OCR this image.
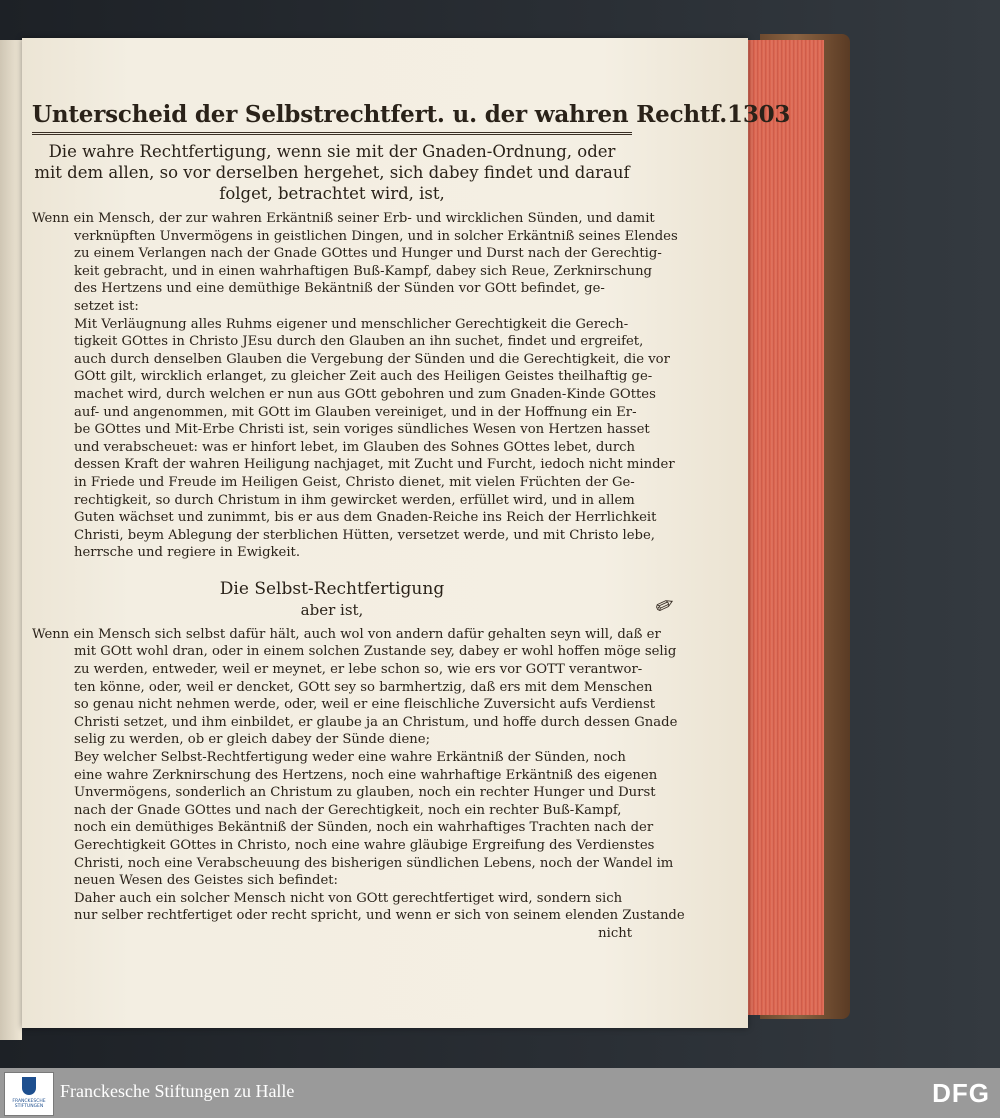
Unterscheid der Selbstrechtfert. u. der wahren Rechtf. 1303
Die wahre Rechtfertigung, wenn sie mit der Gnaden-Ordnung, oder
mit dem allen, so vor derselben hergehet, sich dabey findet und darauf
folget, betrachtet wird, ist,
Wenn ein Mensch, der zur wahren Erkäntniß seiner Erb- und wircklichen Sünden, und damit
verknüpften Unvermögens in geistlichen Dingen, und in solcher Erkäntniß seines Elendes
zu einem Verlangen nach der Gnade GOttes und Hunger und Durst nach der Gerechtig-
keit gebracht, und in einen wahrhaftigen Buß-Kampf, dabey sich Reue, Zerknirschung
des Hertzens und eine demüthige Bekäntniß der Sünden vor GOtt befindet, ge-
setzet ist:
Mit Verläugnung alles Ruhms eigener und menschlicher Gerechtigkeit die Gerech-
tigkeit GOttes in Christo JEsu durch den Glauben an ihn suchet, findet und ergreifet,
auch durch denselben Glauben die Vergebung der Sünden und die Gerechtigkeit, die vor
GOtt gilt, wircklich erlanget, zu gleicher Zeit auch des Heiligen Geistes theilhaftig ge-
machet wird, durch welchen er nun aus GOtt gebohren und zum Gnaden-Kinde GOttes
auf- und angenommen, mit GOtt im Glauben vereiniget, und in der Hoffnung ein Er-
be GOttes und Mit-Erbe Christi ist, sein voriges sündliches Wesen von Hertzen hasset
und verabscheuet: was er hinfort lebet, im Glauben des Sohnes GOttes lebet, durch
dessen Kraft der wahren Heiligung nachjaget, mit Zucht und Furcht, iedoch nicht minder
in Friede und Freude im Heiligen Geist, Christo dienet, mit vielen Früchten der Ge-
rechtigkeit, so durch Christum in ihm gewircket werden, erfüllet wird, und in allem
Guten wächset und zunimmt, bis er aus dem Gnaden-Reiche ins Reich der Herrlichkeit
Christi, beym Ablegung der sterblichen Hütten, versetzet werde, und mit Christo lebe,
herrsche und regiere in Ewigkeit.
Die Selbst-Rechtfertigung
aber ist,
Wenn ein Mensch sich selbst dafür hält, auch wol von andern dafür gehalten seyn will, daß er
mit GOtt wohl dran, oder in einem solchen Zustande sey, dabey er wohl hoffen möge selig
zu werden, entweder, weil er meynet, er lebe schon so, wie ers vor GOTT verantwor-
ten könne, oder, weil er dencket, GOtt sey so barmhertzig, daß ers mit dem Menschen
so genau nicht nehmen werde, oder, weil er eine fleischliche Zuversicht aufs Verdienst
Christi setzet, und ihm einbildet, er glaube ja an Christum, und hoffe durch dessen Gnade
selig zu werden, ob er gleich dabey der Sünde diene;
Bey welcher Selbst-Rechtfertigung weder eine wahre Erkäntniß der Sünden, noch
eine wahre Zerknirschung des Hertzens, noch eine wahrhaftige Erkäntniß des eigenen
Unvermögens, sonderlich an Christum zu glauben, noch ein rechter Hunger und Durst
nach der Gnade GOttes und nach der Gerechtigkeit, noch ein rechter Buß-Kampf,
noch ein demüthiges Bekäntniß der Sünden, noch ein wahrhaftiges Trachten nach der
Gerechtigkeit GOttes in Christo, noch eine wahre gläubige Ergreifung des Verdienstes
Christi, noch eine Verabscheuung des bisherigen sündlichen Lebens, noch der Wandel im
neuen Wesen des Geistes sich befindet:
Daher auch ein solcher Mensch nicht von GOtt gerechtfertiget wird, sondern sich
nur selber rechtfertiget oder recht spricht, und wenn er sich von seinem elenden Zustande
nicht
✎
FRANCKESCHE
STIFTUNGEN
Franckesche Stiftungen zu Halle	DFG
